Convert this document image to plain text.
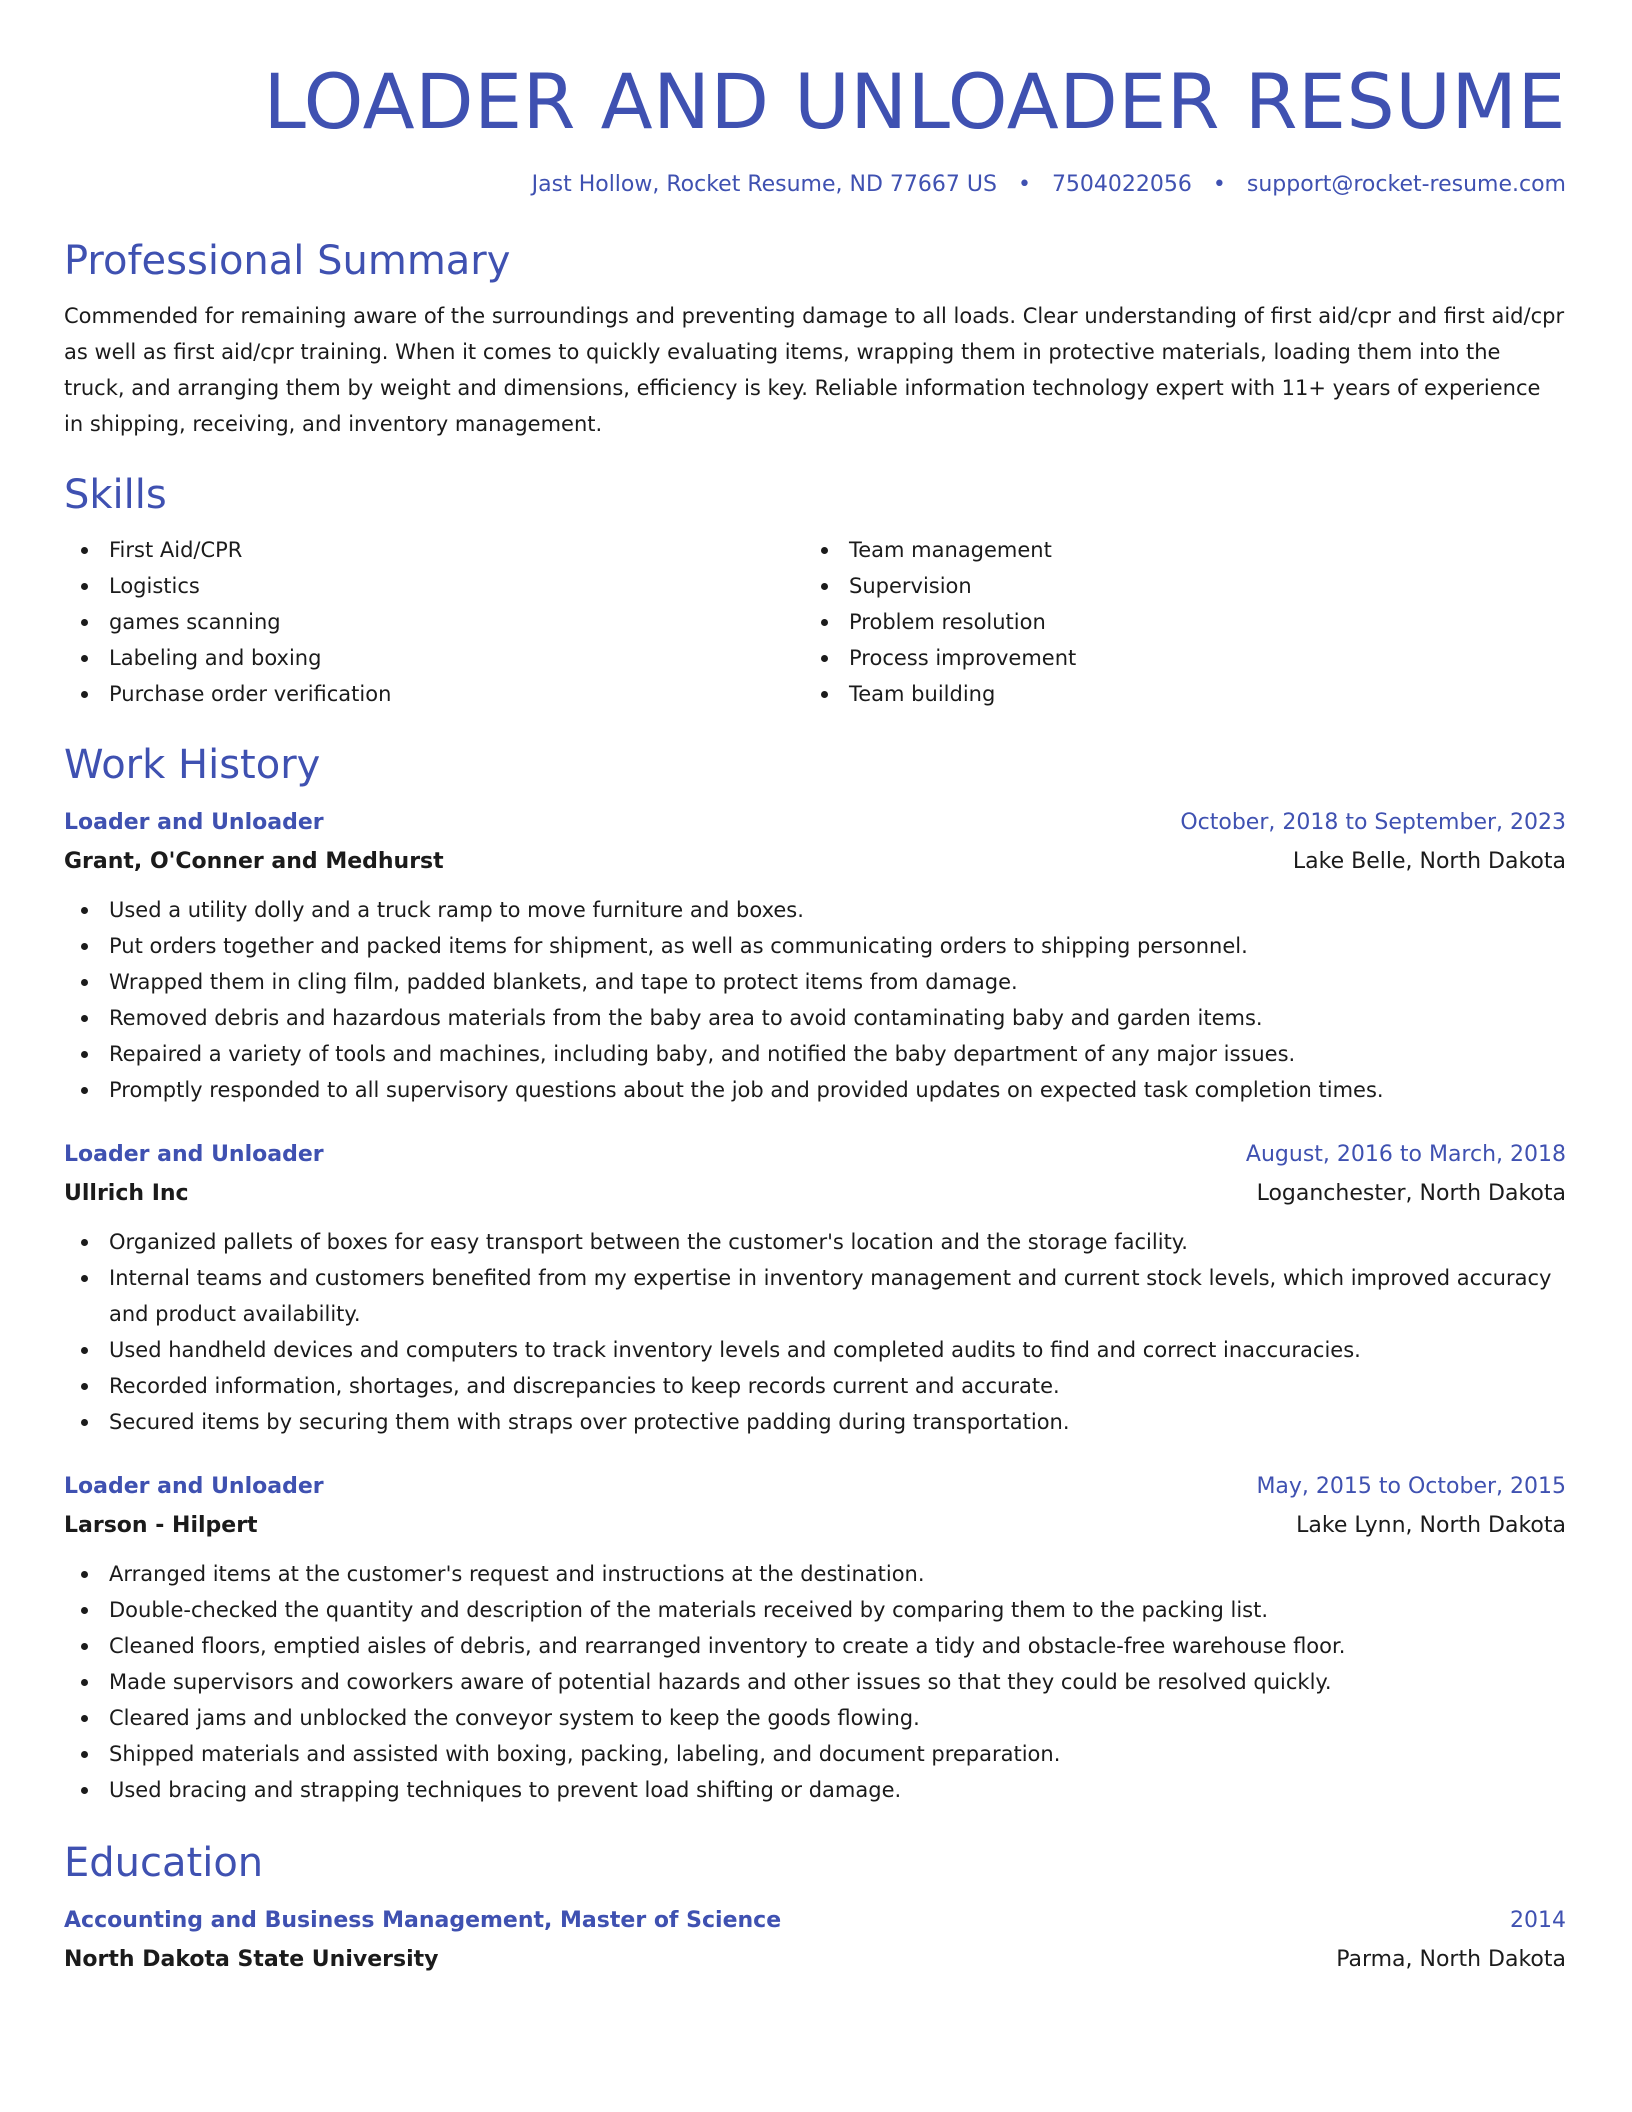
LOADER AND UNLOADER RESUME
Jast Hollow, Rocket Resume, ND 77667 US • 7504022056 • support@rocket-resume.com
Professional Summary

Commended for remaining aware of the surroundings and preventing damage to all loads. Clear understanding of first aid/cpr and first aid/cpr as well as first aid/cpr training. When it comes to quickly evaluating items, wrapping them in protective materials, loading them into the truck, and arranging them by weight and dimensions, efficiency is key. Reliable information technology expert with 11+ years of experience in shipping, receiving, and inventory management.

Skills
First Aid/CPR
Logistics
games scanning
Labeling and boxing
Purchase order verification
Team management
Supervision
Problem resolution
Process improvement
Team building
Work History
Loader and Unloader	October, 2018 to September, 2023
Grant, O'Conner and Medhurst	Lake Belle, North Dakota
Used a utility dolly and a truck ramp to move furniture and boxes.
Put orders together and packed items for shipment, as well as communicating orders to shipping personnel.
Wrapped them in cling film, padded blankets, and tape to protect items from damage.
Removed debris and hazardous materials from the baby area to avoid contaminating baby and garden items.
Repaired a variety of tools and machines, including baby, and notified the baby department of any major issues.
Promptly responded to all supervisory questions about the job and provided updates on expected task completion times.
Loader and Unloader	August, 2016 to March, 2018
Ullrich Inc	Loganchester, North Dakota
Organized pallets of boxes for easy transport between the customer's location and the storage facility.
Internal teams and customers benefited from my expertise in inventory management and current stock levels, which improved accuracy and product availability.
Used handheld devices and computers to track inventory levels and completed audits to find and correct inaccuracies.
Recorded information, shortages, and discrepancies to keep records current and accurate.
Secured items by securing them with straps over protective padding during transportation.
Loader and Unloader	May, 2015 to October, 2015
Larson - Hilpert	Lake Lynn, North Dakota
Arranged items at the customer's request and instructions at the destination.
Double-checked the quantity and description of the materials received by comparing them to the packing list.
Cleaned floors, emptied aisles of debris, and rearranged inventory to create a tidy and obstacle-free warehouse floor.
Made supervisors and coworkers aware of potential hazards and other issues so that they could be resolved quickly.
Cleared jams and unblocked the conveyor system to keep the goods flowing.
Shipped materials and assisted with boxing, packing, labeling, and document preparation.
Used bracing and strapping techniques to prevent load shifting or damage.
Education
Accounting and Business Management, Master of Science	2014
North Dakota State University	Parma, North Dakota
